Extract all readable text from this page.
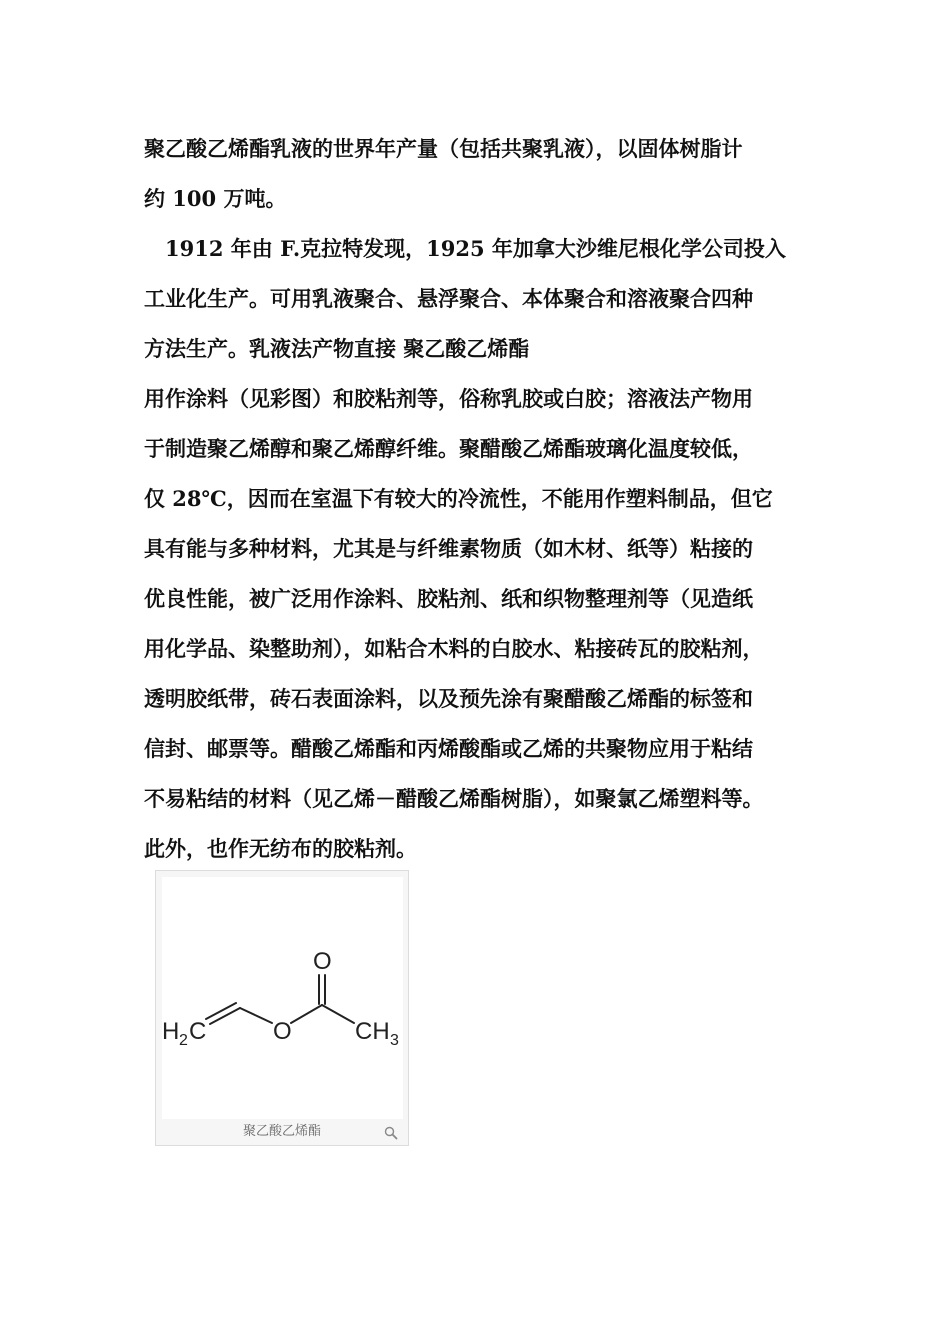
聚乙酸乙烯酯乳液的世界年产量（包括共聚乳液），以固体树脂计
约 100 万吨。
1912 年由 F.克拉特发现，1925 年加拿大沙维尼根化学公司投入
工业化生产。可用乳液聚合、悬浮聚合、本体聚合和溶液聚合四种
方法生产。乳液法产物直接 聚乙酸乙烯酯
用作涂料（见彩图）和胶粘剂等，俗称乳胶或白胶；溶液法产物用
于制造聚乙烯醇和聚乙烯醇纤维。聚醋酸乙烯酯玻璃化温度较低，
仅 28℃，因而在室温下有较大的冷流性，不能用作塑料制品，但它
具有能与多种材料，尤其是与纤维素物质（如木材、纸等）粘接的
优良性能，被广泛用作涂料、胶粘剂、纸和织物整理剂等（见造纸
用化学品、染整助剂），如粘合木料的白胶水、粘接砖瓦的胶粘剂，
透明胶纸带，砖石表面涂料，以及预先涂有聚醋酸乙烯酯的标签和
信封、邮票等。醋酸乙烯酯和丙烯酸酯或乙烯的共聚物应用于粘结
不易粘结的材料（见乙烯－醋酸乙烯酯树脂），如聚氯乙烯塑料等。
此外，也作无纺布的胶粘剂。
H 2 C	O
O
CH 3
聚乙酸乙烯酯
